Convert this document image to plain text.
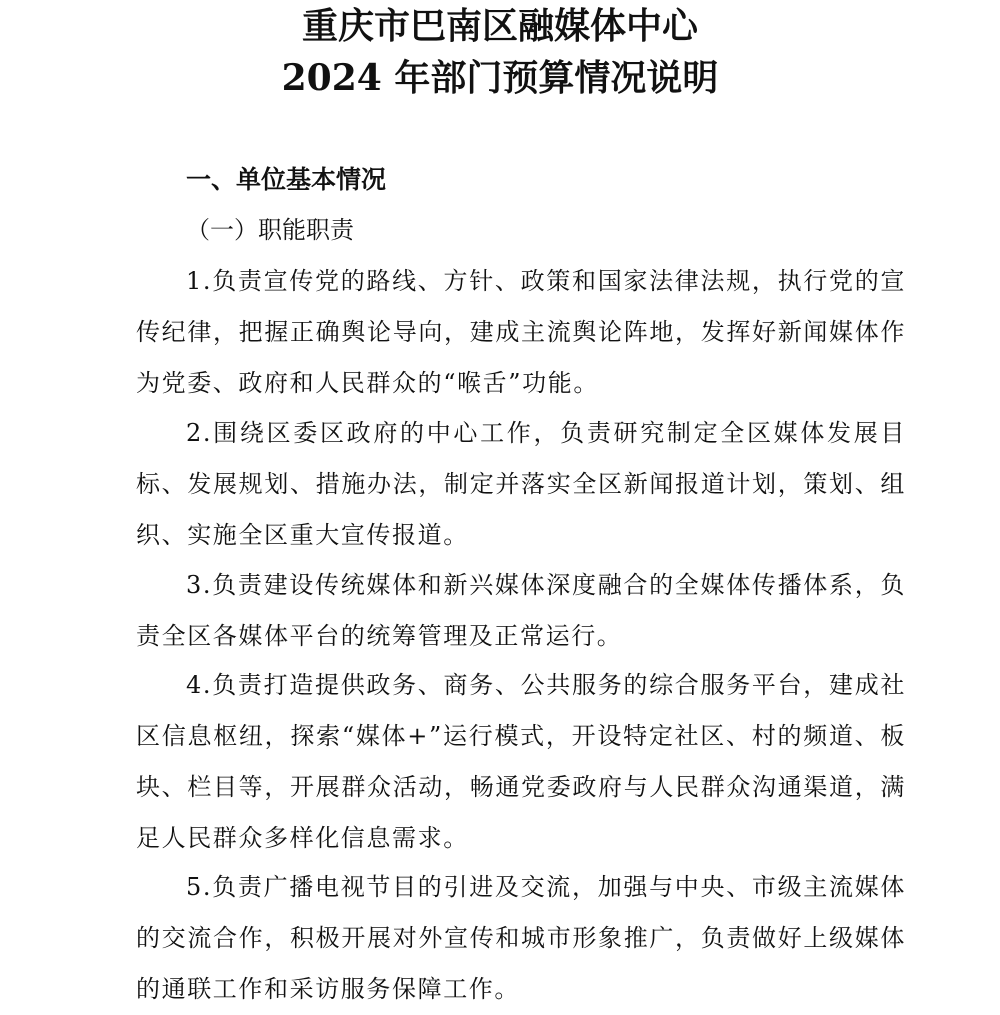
重庆市巴南区融媒体中心
2024 年部门预算情况说明
一、单位基本情况
（一）职能职责

1.负责宣传党的路线、方针、政策和国家法律法规，执行党的宣传纪律，把握正确舆论导向，建成主流舆论阵地，发挥好新闻媒体作为党委、政府和人民群众的“喉舌”功能。

2.围绕区委区政府的中心工作，负责研究制定全区媒体发展目标、发展规划、措施办法，制定并落实全区新闻报道计划，策划、组织、实施全区重大宣传报道。

3.负责建设传统媒体和新兴媒体深度融合的全媒体传播体系，负责全区各媒体平台的统筹管理及正常运行。

4.负责打造提供政务、商务、公共服务的综合服务平台，建成社区信息枢纽，探索“媒体+”运行模式，开设特定社区、村的频道、板块、栏目等，开展群众活动，畅通党委政府与人民群众沟通渠道，满足人民群众多样化信息需求。

5.负责广播电视节目的引进及交流，加强与中央、市级主流媒体的交流合作，积极开展对外宣传和城市形象推广，负责做好上级媒体的通联工作和采访服务保障工作。
